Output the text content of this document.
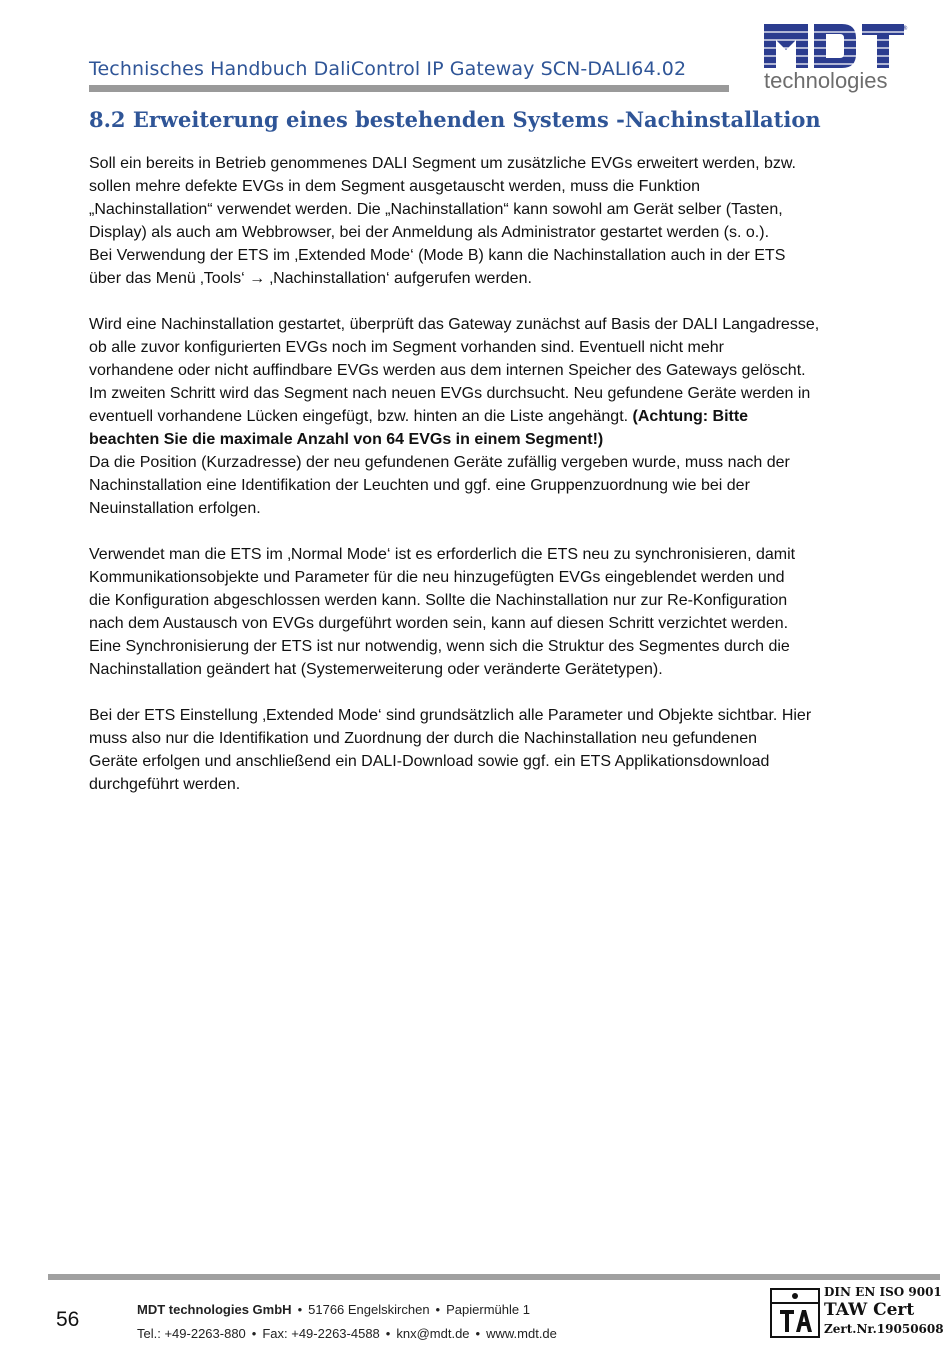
Technisches Handbuch DaliControl IP Gateway SCN-DALI64.02
®
technologies
8.2 Erweiterung eines bestehenden Systems -Nachinstallation
Soll ein bereits in Betrieb genommenes DALI Segment um zusätzliche EVGs erweitert werden, bzw.
sollen mehre defekte EVGs in dem Segment ausgetauscht werden, muss die Funktion
„Nachinstallation“ verwendet werden. Die „Nachinstallation“ kann sowohl am Gerät selber (Tasten,
Display) als auch am Webbrowser, bei der Anmeldung als Administrator gestartet werden (s. o.).
Bei Verwendung der ETS im ‚Extended Mode‘ (Mode B) kann die Nachinstallation auch in der ETS
über das Menü ‚Tools‘ → ‚Nachinstallation‘ aufgerufen werden.
Wird eine Nachinstallation gestartet, überprüft das Gateway zunächst auf Basis der DALI Langadresse,
ob alle zuvor konfigurierten EVGs noch im Segment vorhanden sind. Eventuell nicht mehr
vorhandene oder nicht auffindbare EVGs werden aus dem internen Speicher des Gateways gelöscht.
Im zweiten Schritt wird das Segment nach neuen EVGs durchsucht. Neu gefundene Geräte werden in
eventuell vorhandene Lücken eingefügt, bzw. hinten an die Liste angehängt. (Achtung: Bitte
beachten Sie die maximale Anzahl von 64 EVGs in einem Segment!)
Da die Position (Kurzadresse) der neu gefundenen Geräte zufällig vergeben wurde, muss nach der
Nachinstallation eine Identifikation der Leuchten und ggf. eine Gruppenzuordnung wie bei der
Neuinstallation erfolgen.
Verwendet man die ETS im ‚Normal Mode‘ ist es erforderlich die ETS neu zu synchronisieren, damit
Kommunikationsobjekte und Parameter für die neu hinzugefügten EVGs eingeblendet werden und
die Konfiguration abgeschlossen werden kann. Sollte die Nachinstallation nur zur Re-Konfiguration
nach dem Austausch von EVGs durgeführt worden sein, kann auf diesen Schritt verzichtet werden.
Eine Synchronisierung der ETS ist nur notwendig, wenn sich die Struktur des Segmentes durch die
Nachinstallation geändert hat (Systemerweiterung oder veränderte Gerätetypen).
Bei der ETS Einstellung ‚Extended Mode‘ sind grundsätzlich alle Parameter und Objekte sichtbar. Hier
muss also nur die Identifikation und Zuordnung der durch die Nachinstallation neu gefundenen
Geräte erfolgen und anschließend ein DALI-Download sowie ggf. ein ETS Applikationsdownload
durchgeführt werden.
56	MDT technologies GmbH • 51766 Engelskirchen • Papiermühle 1
Tel.: +49-2263-880 • Fax: +49-2263-4588 • knx@mdt.de • www.mdt.de
DIN EN ISO 9001
TAW Cert
Zert.Nr.19050608
